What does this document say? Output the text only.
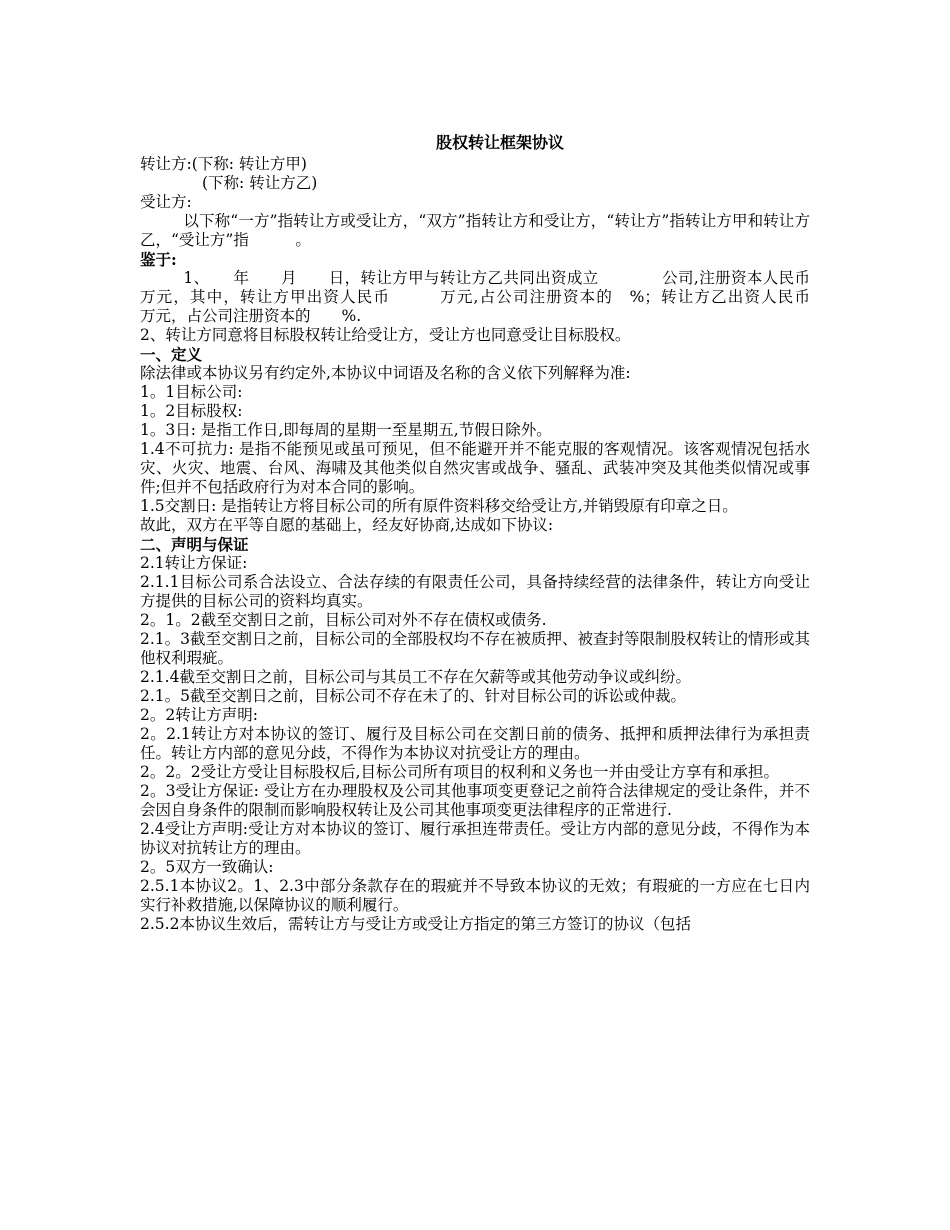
股权转让框架协议

转让方:(下称: 转让方甲)

(下称: 转让方乙)

受让方:

以下称“一方”指转让方或受让方，“双方”指转让方和受让方，“转让方”指转让方甲和转让方乙，“受让方”指　　　。

鉴于:

1、　　年　　月　　日，转让方甲与转让方乙共同出资成立　　　　公司,注册资本人民币　　　万元，其中，转让方甲出资人民币　　　万元,占公司注册资本的　%；转让方乙出资人民币　　万元，占公司注册资本的　　%.

2、转让方同意将目标股权转让给受让方，受让方也同意受让目标股权。

一、定义

除法律或本协议另有约定外,本协议中词语及名称的含义依下列解释为准:

1。1目标公司:

1。2目标股权:

1。3日: 是指工作日,即每周的星期一至星期五,节假日除外。

1.4不可抗力: 是指不能预见或虽可预见，但不能避开并不能克服的客观情况。该客观情况包括水灾、火灾、地震、台风、海啸及其他类似自然灾害或战争、骚乱、武装冲突及其他类似情况或事件;但并不包括政府行为对本合同的影响。

1.5交割日: 是指转让方将目标公司的所有原件资料移交给受让方,并销毁原有印章之日。

故此，双方在平等自愿的基础上，经友好协商,达成如下协议:

二、声明与保证

2.1转让方保证:

2.1.1目标公司系合法设立、合法存续的有限责任公司，具备持续经营的法律条件，转让方向受让方提供的目标公司的资料均真实。

2。1。2截至交割日之前，目标公司对外不存在债权或债务.

2.1。3截至交割日之前，目标公司的全部股权均不存在被质押、被查封等限制股权转让的情形或其他权利瑕疵。

2.1.4截至交割日之前，目标公司与其员工不存在欠薪等或其他劳动争议或纠纷。

2.1。5截至交割日之前，目标公司不存在未了的、针对目标公司的诉讼或仲裁。

2。2转让方声明:

2。2.1转让方对本协议的签订、履行及目标公司在交割日前的债务、抵押和质押法律行为承担责任。转让方内部的意见分歧，不得作为本协议对抗受让方的理由。

2。2。2受让方受让目标股权后,目标公司所有项目的权利和义务也一并由受让方享有和承担。

2。3受让方保证: 受让方在办理股权及公司其他事项变更登记之前符合法律规定的受让条件，并不会因自身条件的限制而影响股权转让及公司其他事项变更法律程序的正常进行.

2.4受让方声明:受让方对本协议的签订、履行承担连带责任。受让方内部的意见分歧，不得作为本协议对抗转让方的理由。

2。5双方一致确认:

2.5.1本协议2。1、2.3中部分条款存在的瑕疵并不导致本协议的无效；有瑕疵的一方应在七日内实行补救措施,以保障协议的顺利履行。

2.5.2本协议生效后，需转让方与受让方或受让方指定的第三方签订的协议（包括
